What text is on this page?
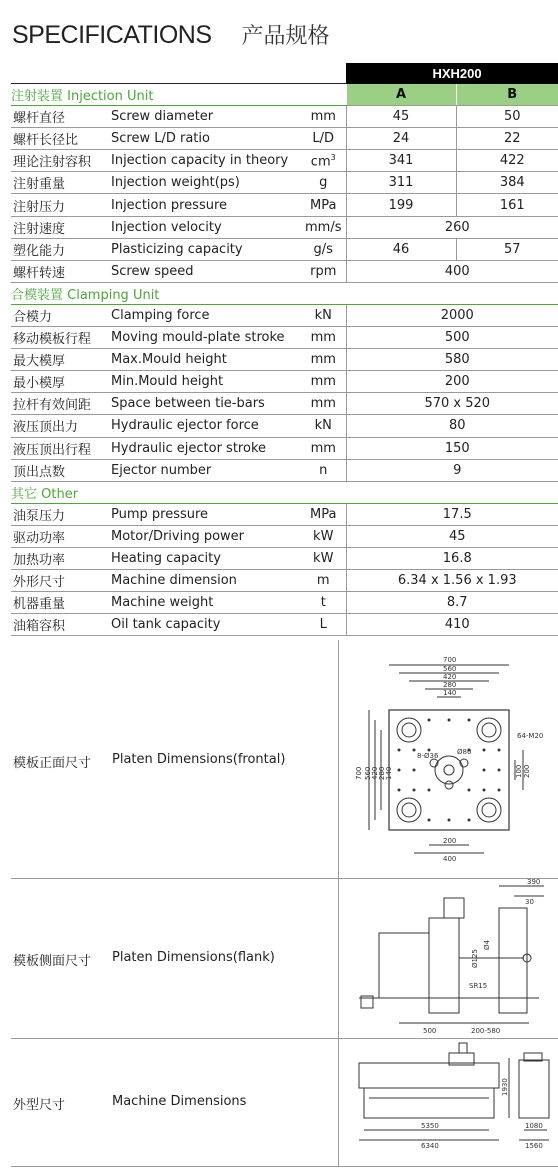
SPECIFICATIONS 产品规格
			HXH200	
注射装置 Injection Unit			A	B
螺杆直径	Screw diameter	mm	45	50
螺杆长径比	Screw L/D ratio	L/D	24	22
理论注射容积	Injection capacity in theory	$cm^3$	341	422
注射重量	Injection weight(ps)	g	311	384
注射压力	Injection pressure	MPa	199	161
注射速度	Injection velocity	mm/s	260	
塑化能力	Plasticizing capacity	g/s	46	57
螺杆转速	Screw speed	rpm	400	
合模装置 Clamping Unit				
合模力	Clamping force	kN	2000	
移动模板行程	Moving mould-plate stroke	mm	500	
最大模厚	Max.Mould height	mm	580	
最小模厚	Min.Mould height	mm	200	
拉杆有效间距	Space between tie-bars	mm	570 x 520	
液压顶出力	Hydraulic ejector force	kN	80	
液压顶出行程	Hydraulic ejector stroke	mm	150	
顶出点数	Ejector number	n	9	
其它 Other				
油泵压力	Pump pressure	MPa	17.5	
驱动功率	Motor/Driving power	kW	45	
加热功率	Heating capacity	kW	16.8	
外形尺寸	Machine dimension	m	6.34 x 1.56 x 1.93	
机器重量	Machine weight	t	8.7	
油箱容积	Oil tank capacity	L	410	
模板正面尺寸 Platen Dimensions(frontal)
700
560
420
280
140
700 560 420 280 140
200
400
100 200
8-Ø36	Ø80
64-M20
模板侧面尺寸 Platen Dimensions(flank)
390
30
Ø4
Ø125
SR15
500	200-580
外型尺寸	Machine Dimensions
1930
5350
6340
1080
1560
